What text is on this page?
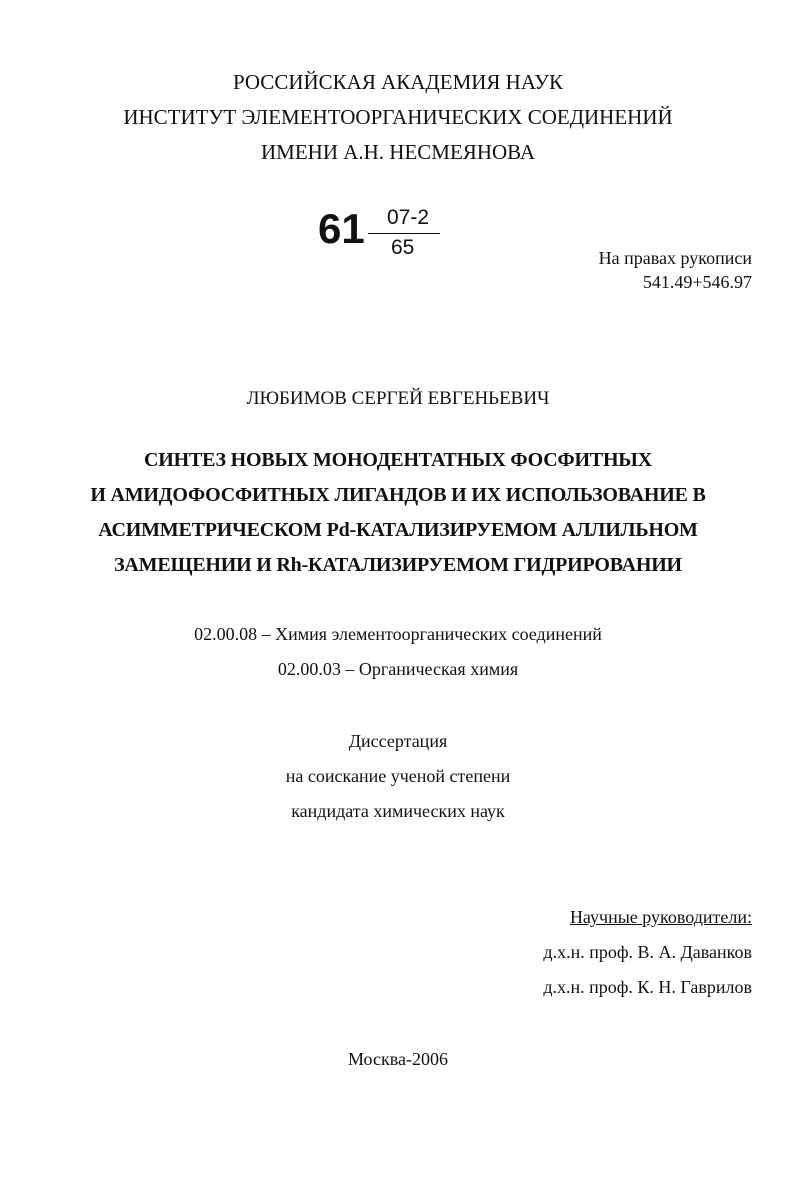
РОССИЙСКАЯ АКАДЕМИЯ НАУК
ИНСТИТУТ ЭЛЕМЕНТООРГАНИЧЕСКИХ СОЕДИНЕНИЙ
ИМЕНИ А.Н. НЕСМЕЯНОВА
61 07-2
65	На правах рукописи
541.49+546.97
ЛЮБИМОВ СЕРГЕЙ ЕВГЕНЬЕВИЧ
СИНТЕЗ НОВЫХ МОНОДЕНТАТНЫХ ФОСФИТНЫХ
И АМИДОФОСФИТНЫХ ЛИГАНДОВ И ИХ ИСПОЛЬЗОВАНИЕ В
АСИММЕТРИЧЕСКОМ Pd-КАТАЛИЗИРУЕМОМ АЛЛИЛЬНОМ
ЗАМЕЩЕНИИ И Rh-КАТАЛИЗИРУЕМОМ ГИДРИРОВАНИИ
02.00.08 – Химия элементоорганических соединений
02.00.03 – Органическая химия
Диссертация
на соискание ученой степени
кандидата химических наук
Научные руководители:
д.х.н. проф. В. А. Даванков
д.х.н. проф. К. Н. Гаврилов
Москва-2006
